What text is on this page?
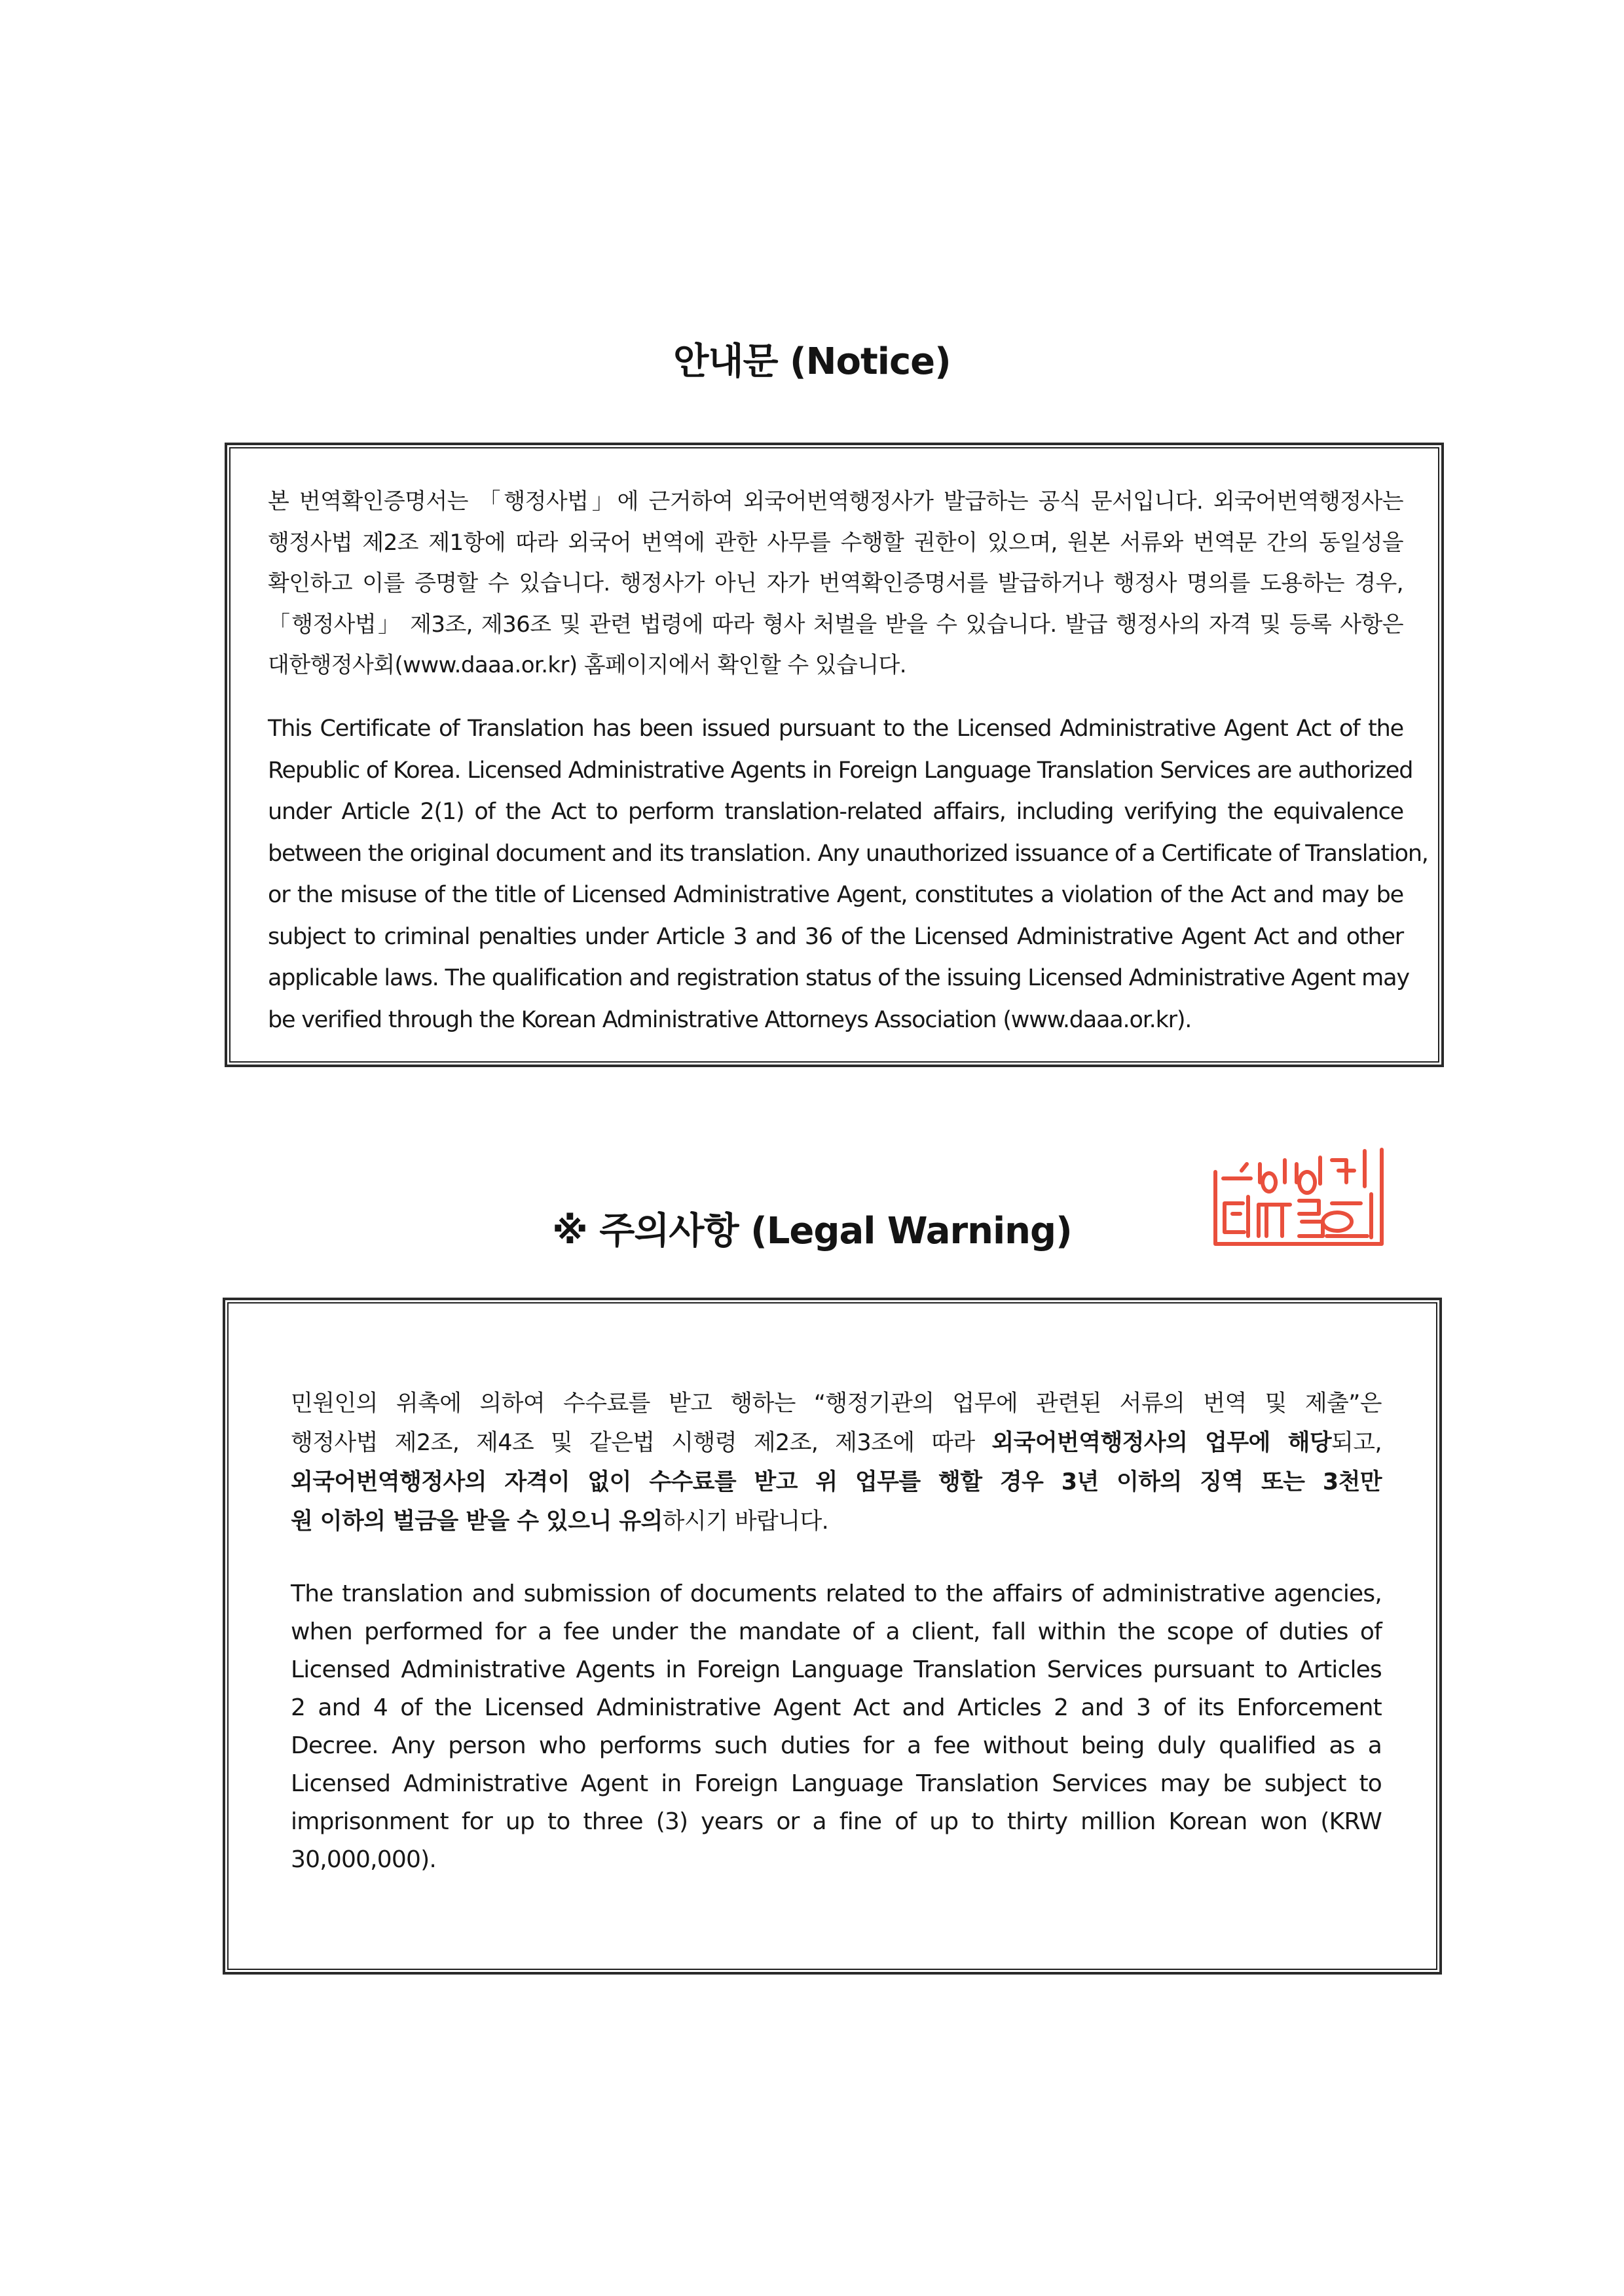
안내문 (Notice)

본 번역확인증명서는 「행정사법」에 근거하여 외국어번역행정사가 발급하는 공식 문서입니다. 외국어번역행정사는
행정사법 제2조 제1항에 따라 외국어 번역에 관한 사무를 수행할 권한이 있으며, 원본 서류와 번역문 간의 동일성을
확인하고 이를 증명할 수 있습니다. 행정사가 아닌 자가 번역확인증명서를 발급하거나 행정사 명의를 도용하는 경우,
「행정사법」 제3조, 제36조 및 관련 법령에 따라 형사 처벌을 받을 수 있습니다. 발급 행정사의 자격 및 등록 사항은
대한행정사회(www.daaa.or.kr) 홈페이지에서 확인할 수 있습니다.

This Certificate of Translation has been issued pursuant to the Licensed Administrative Agent Act of the
Republic of Korea. Licensed Administrative Agents in Foreign Language Translation Services are authorized
under Article 2(1) of the Act to perform translation-related affairs, including verifying the equivalence
between the original document and its translation. Any unauthorized issuance of a Certificate of Translation,
or the misuse of the title of Licensed Administrative Agent, constitutes a violation of the Act and may be
subject to criminal penalties under Article 3 and 36 of the Licensed Administrative Agent Act and other
applicable laws. The qualification and registration status of the issuing Licensed Administrative Agent may
be verified through the Korean Administrative Attorneys Association (www.daaa.or.kr).

※ 주의사항 (Legal Warning)

민원인의 위촉에 의하여 수수료를 받고 행하는 “행정기관의 업무에 관련된 서류의 번역 및 제출”은
행정사법 제2조, 제4조 및 같은법 시행령 제2조, 제3조에 따라 외국어번역행정사의 업무에 해당되고,
외국어번역행정사의 자격이 없이 수수료를 받고 위 업무를 행할 경우 3년 이하의 징역 또는 3천만
원 이하의 벌금을 받을 수 있으니 유의하시기 바랍니다.

The translation and submission of documents related to the affairs of administrative agencies,
when performed for a fee under the mandate of a client, fall within the scope of duties of
Licensed Administrative Agents in Foreign Language Translation Services pursuant to Articles
2 and 4 of the Licensed Administrative Agent Act and Articles 2 and 3 of its Enforcement
Decree. Any person who performs such duties for a fee without being duly qualified as a
Licensed Administrative Agent in Foreign Language Translation Services may be subject to
imprisonment for up to three (3) years or a fine of up to thirty million Korean won (KRW
30,000,000).
